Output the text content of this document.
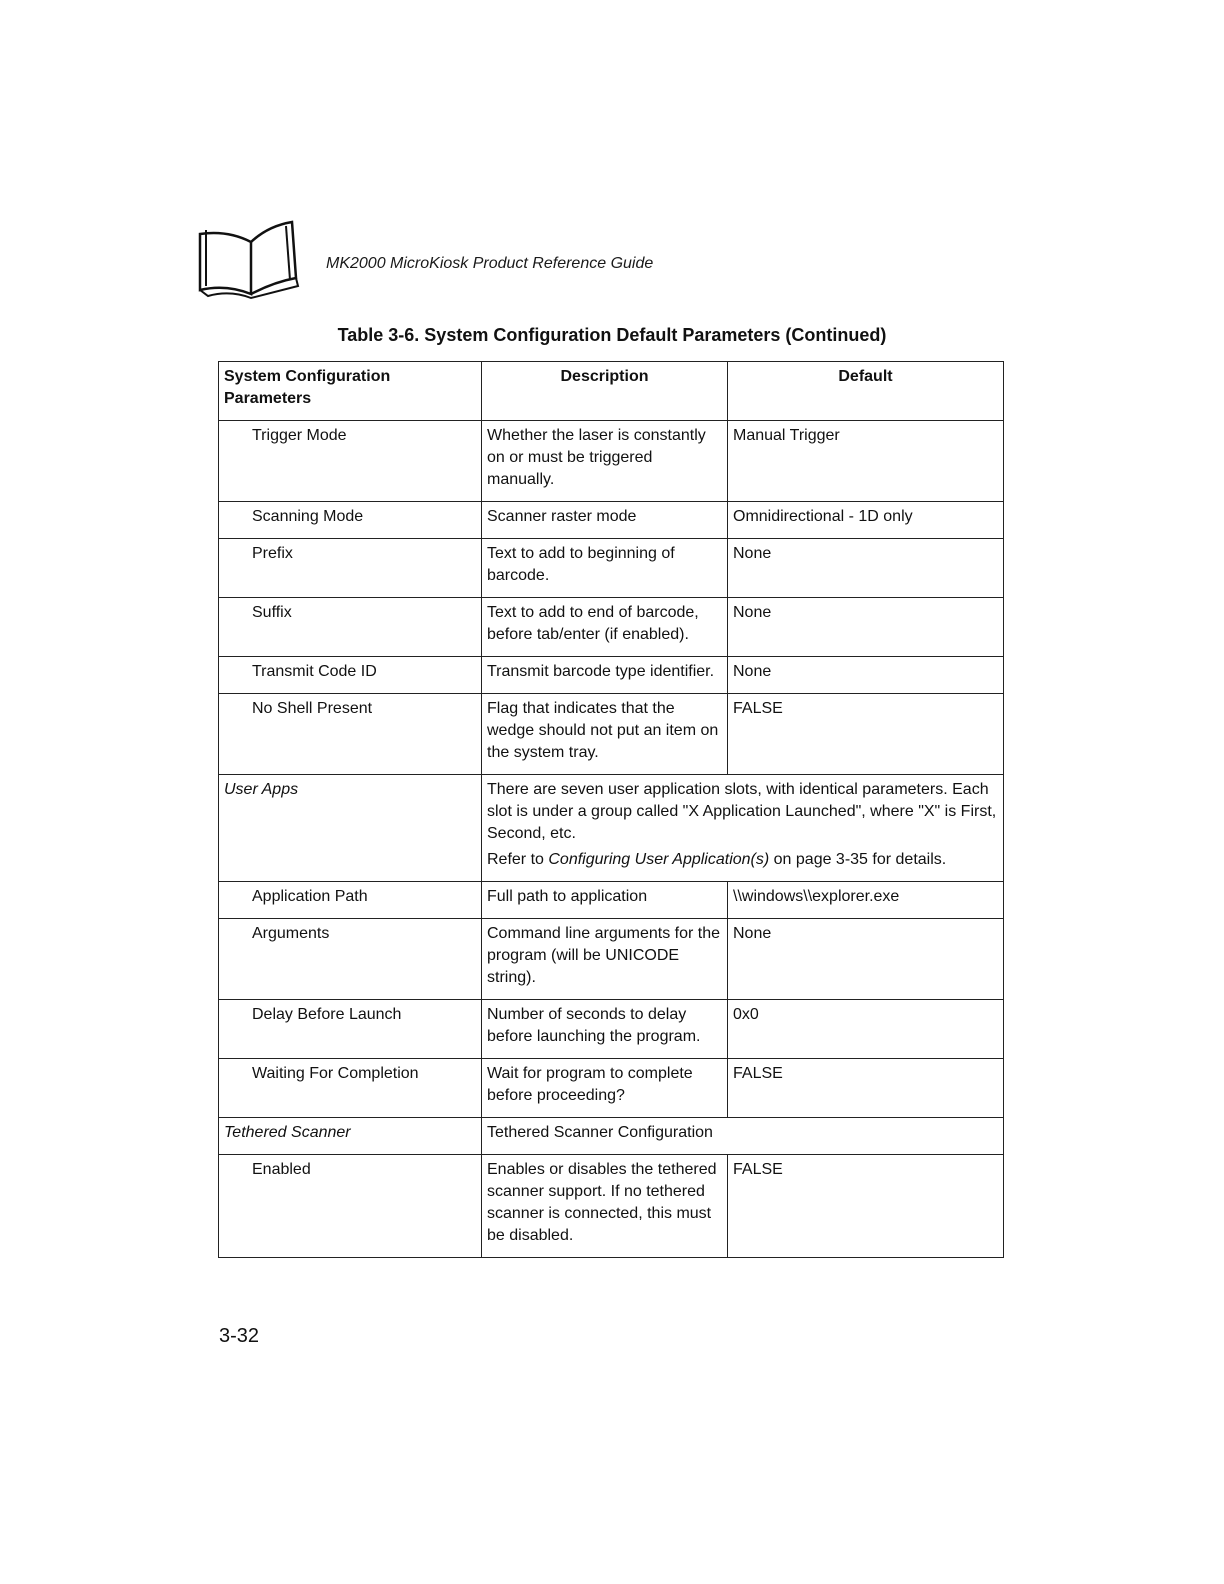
MK2000 MicroKiosk Product Reference Guide
Table 3-6. System Configuration Default Parameters (Continued)
System Configuration Parameters	Description	Default
Trigger Mode	Whether the laser is constantly on or must be triggered manually.	Manual Trigger
Scanning Mode	Scanner raster mode	Omnidirectional - 1D only
Prefix	Text to add to beginning of barcode.	None
Suffix	Text to add to end of barcode, before tab/enter (if enabled).	None
Transmit Code ID	Transmit barcode type identifier.	None
No Shell Present	Flag that indicates that the wedge should not put an item on the system tray.	FALSE
User Apps	There are seven user application slots, with identical parameters. Each slot is under a group called "X Application Launched", where "X" is First, Second, etc.
Refer to Configuring User Application(s) on page 3-35 for details.	

Application Path	Full path to application	\\windows\\explorer.exe
Arguments	Command line arguments for the program (will be UNICODE string).	None
Delay Before Launch	Number of seconds to delay before launching the program.	0x0
Waiting For Completion	Wait for program to complete before proceeding?	FALSE
Tethered Scanner	Tethered Scanner Configuration	
Enabled	Enables or disables the tethered scanner support. If no tethered scanner is connected, this must be disabled.	FALSE
3-32
